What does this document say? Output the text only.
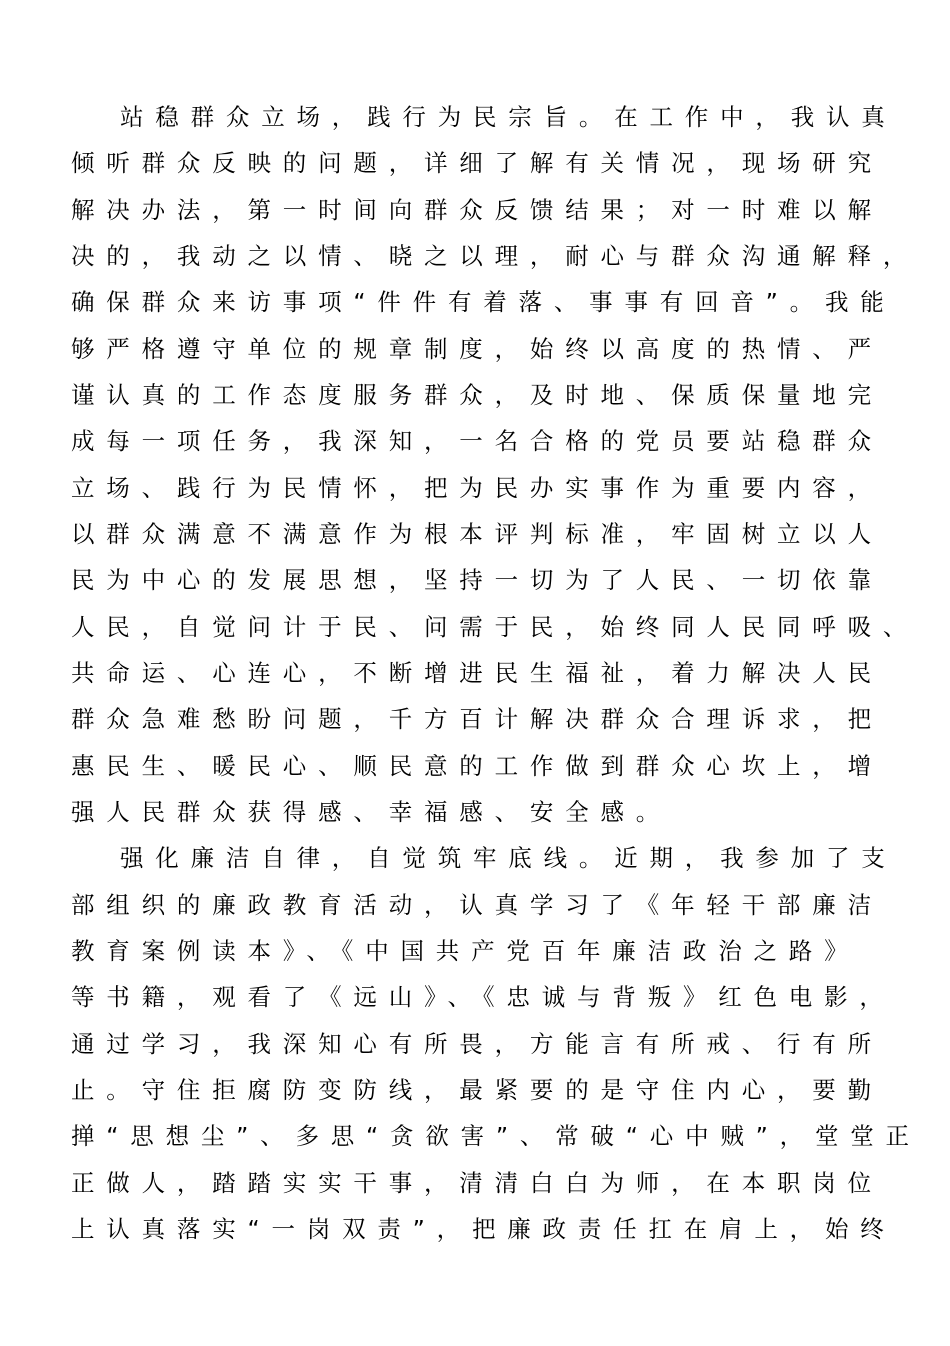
站稳群众立场，践行为民宗旨。在工作中，我认真
倾听群众反映的问题，详细了解有关情况，现场研究
解决办法，第一时间向群众反馈结果；对一时难以解
决的，我动之以情、晓之以理，耐心与群众沟通解释，
确保群众来访事项“件件有着落、事事有回音”。我能
够严格遵守单位的规章制度，始终以高度的热情、严
谨认真的工作态度服务群众，及时地、保质保量地完
成每一项任务，我深知，一名合格的党员要站稳群众
立场、践行为民情怀，把为民办实事作为重要内容，
以群众满意不满意作为根本评判标准，牢固树立以人
民为中心的发展思想，坚持一切为了人民、一切依靠
人民，自觉问计于民、问需于民，始终同人民同呼吸、
共命运、心连心，不断增进民生福祉，着力解决人民
群众急难愁盼问题，千方百计解决群众合理诉求，把
惠民生、暖民心、顺民意的工作做到群众心坎上，增
强人民群众获得感、幸福感、安全感。
强化廉洁自律，自觉筑牢底线。近期，我参加了支
部组织的廉政教育活动，认真学习了《年轻干部廉洁
教育案例读本》、《中国共产党百年廉洁政治之路》
等书籍，观看了《远山》、《忠诚与背叛》红色电影，
通过学习，我深知心有所畏，方能言有所戒、行有所
止。守住拒腐防变防线，最紧要的是守住内心，要勤
掸“思想尘”、多思“贪欲害”、常破“心中贼”，堂堂正
正做人，踏踏实实干事，清清白白为师，在本职岗位
上认真落实“一岗双责”，把廉政责任扛在肩上，始终
